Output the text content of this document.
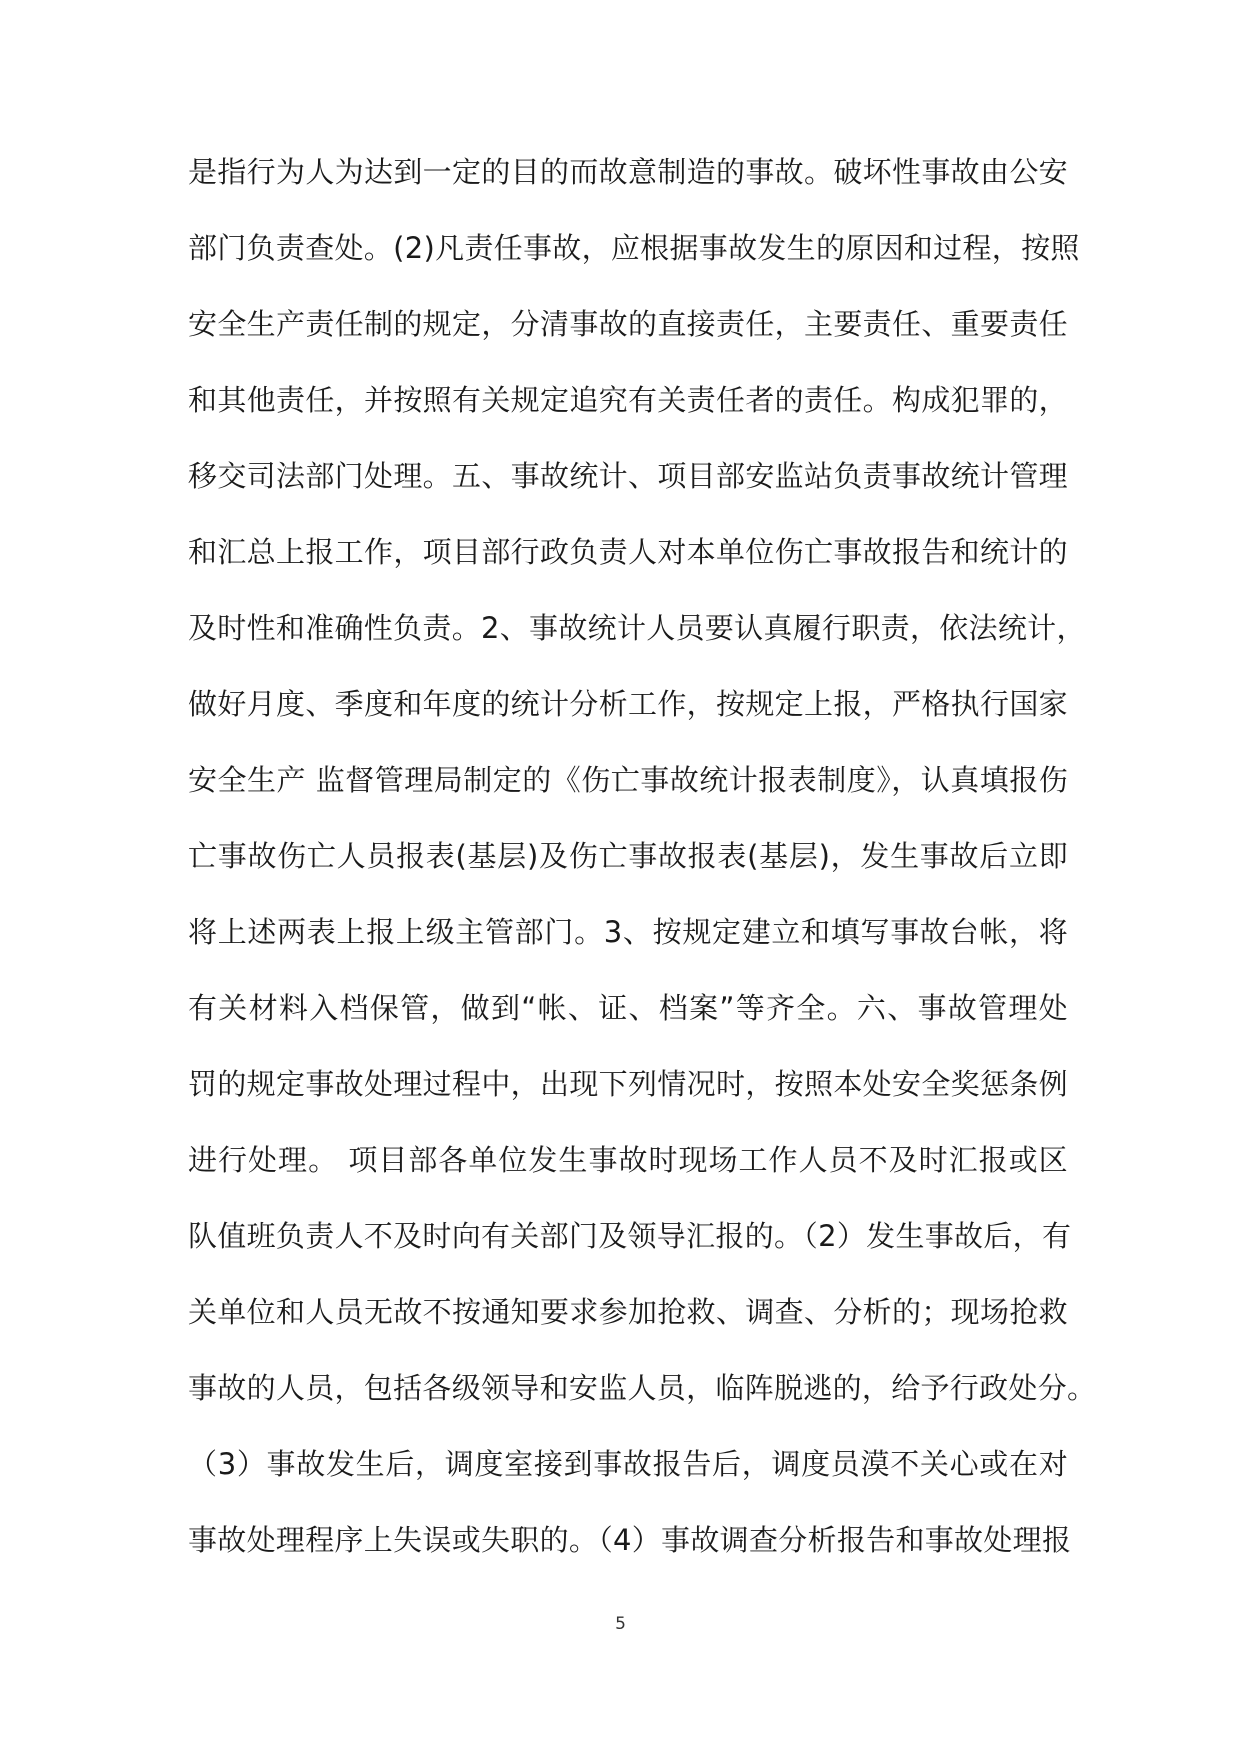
是指行为人为达到一定的目的而故意制造的事故。破坏性事故由公安
部门负责查处。(2)凡责任事故，应根据事故发生的原因和过程，按照
安全生产责任制的规定，分清事故的直接责任，主要责任、重要责任
和其他责任，并按照有关规定追究有关责任者的责任。构成犯罪的，
移交司法部门处理。五、事故统计、项目部安监站负责事故统计管理
和汇总上报工作，项目部行政负责人对本单位伤亡事故报告和统计的
及时性和准确性负责。2、事故统计人员要认真履行职责，依法统计，
做好月度、季度和年度的统计分析工作，按规定上报，严格执行国家
安全生产 监督管理局制定的《伤亡事故统计报表制度》，认真填报伤
亡事故伤亡人员报表(基层)及伤亡事故报表(基层)，发生事故后立即
将上述两表上报上级主管部门。3、按规定建立和填写事故台帐，将
有关材料入档保管，做到“帐、证、档案”等齐全。六、事故管理处
罚的规定事故处理过程中，出现下列情况时，按照本处安全奖惩条例
进行处理。 项目部各单位发生事故时现场工作人员不及时汇报或区
队值班负责人不及时向有关部门及领导汇报的。（2）发生事故后，有
关单位和人员无故不按通知要求参加抢救、调查、分析的；现场抢救
事故的人员，包括各级领导和安监人员，临阵脱逃的，给予行政处分。
（3）事故发生后，调度室接到事故报告后，调度员漠不关心或在对
事故处理程序上失误或失职的。（4）事故调查分析报告和事故处理报
5
